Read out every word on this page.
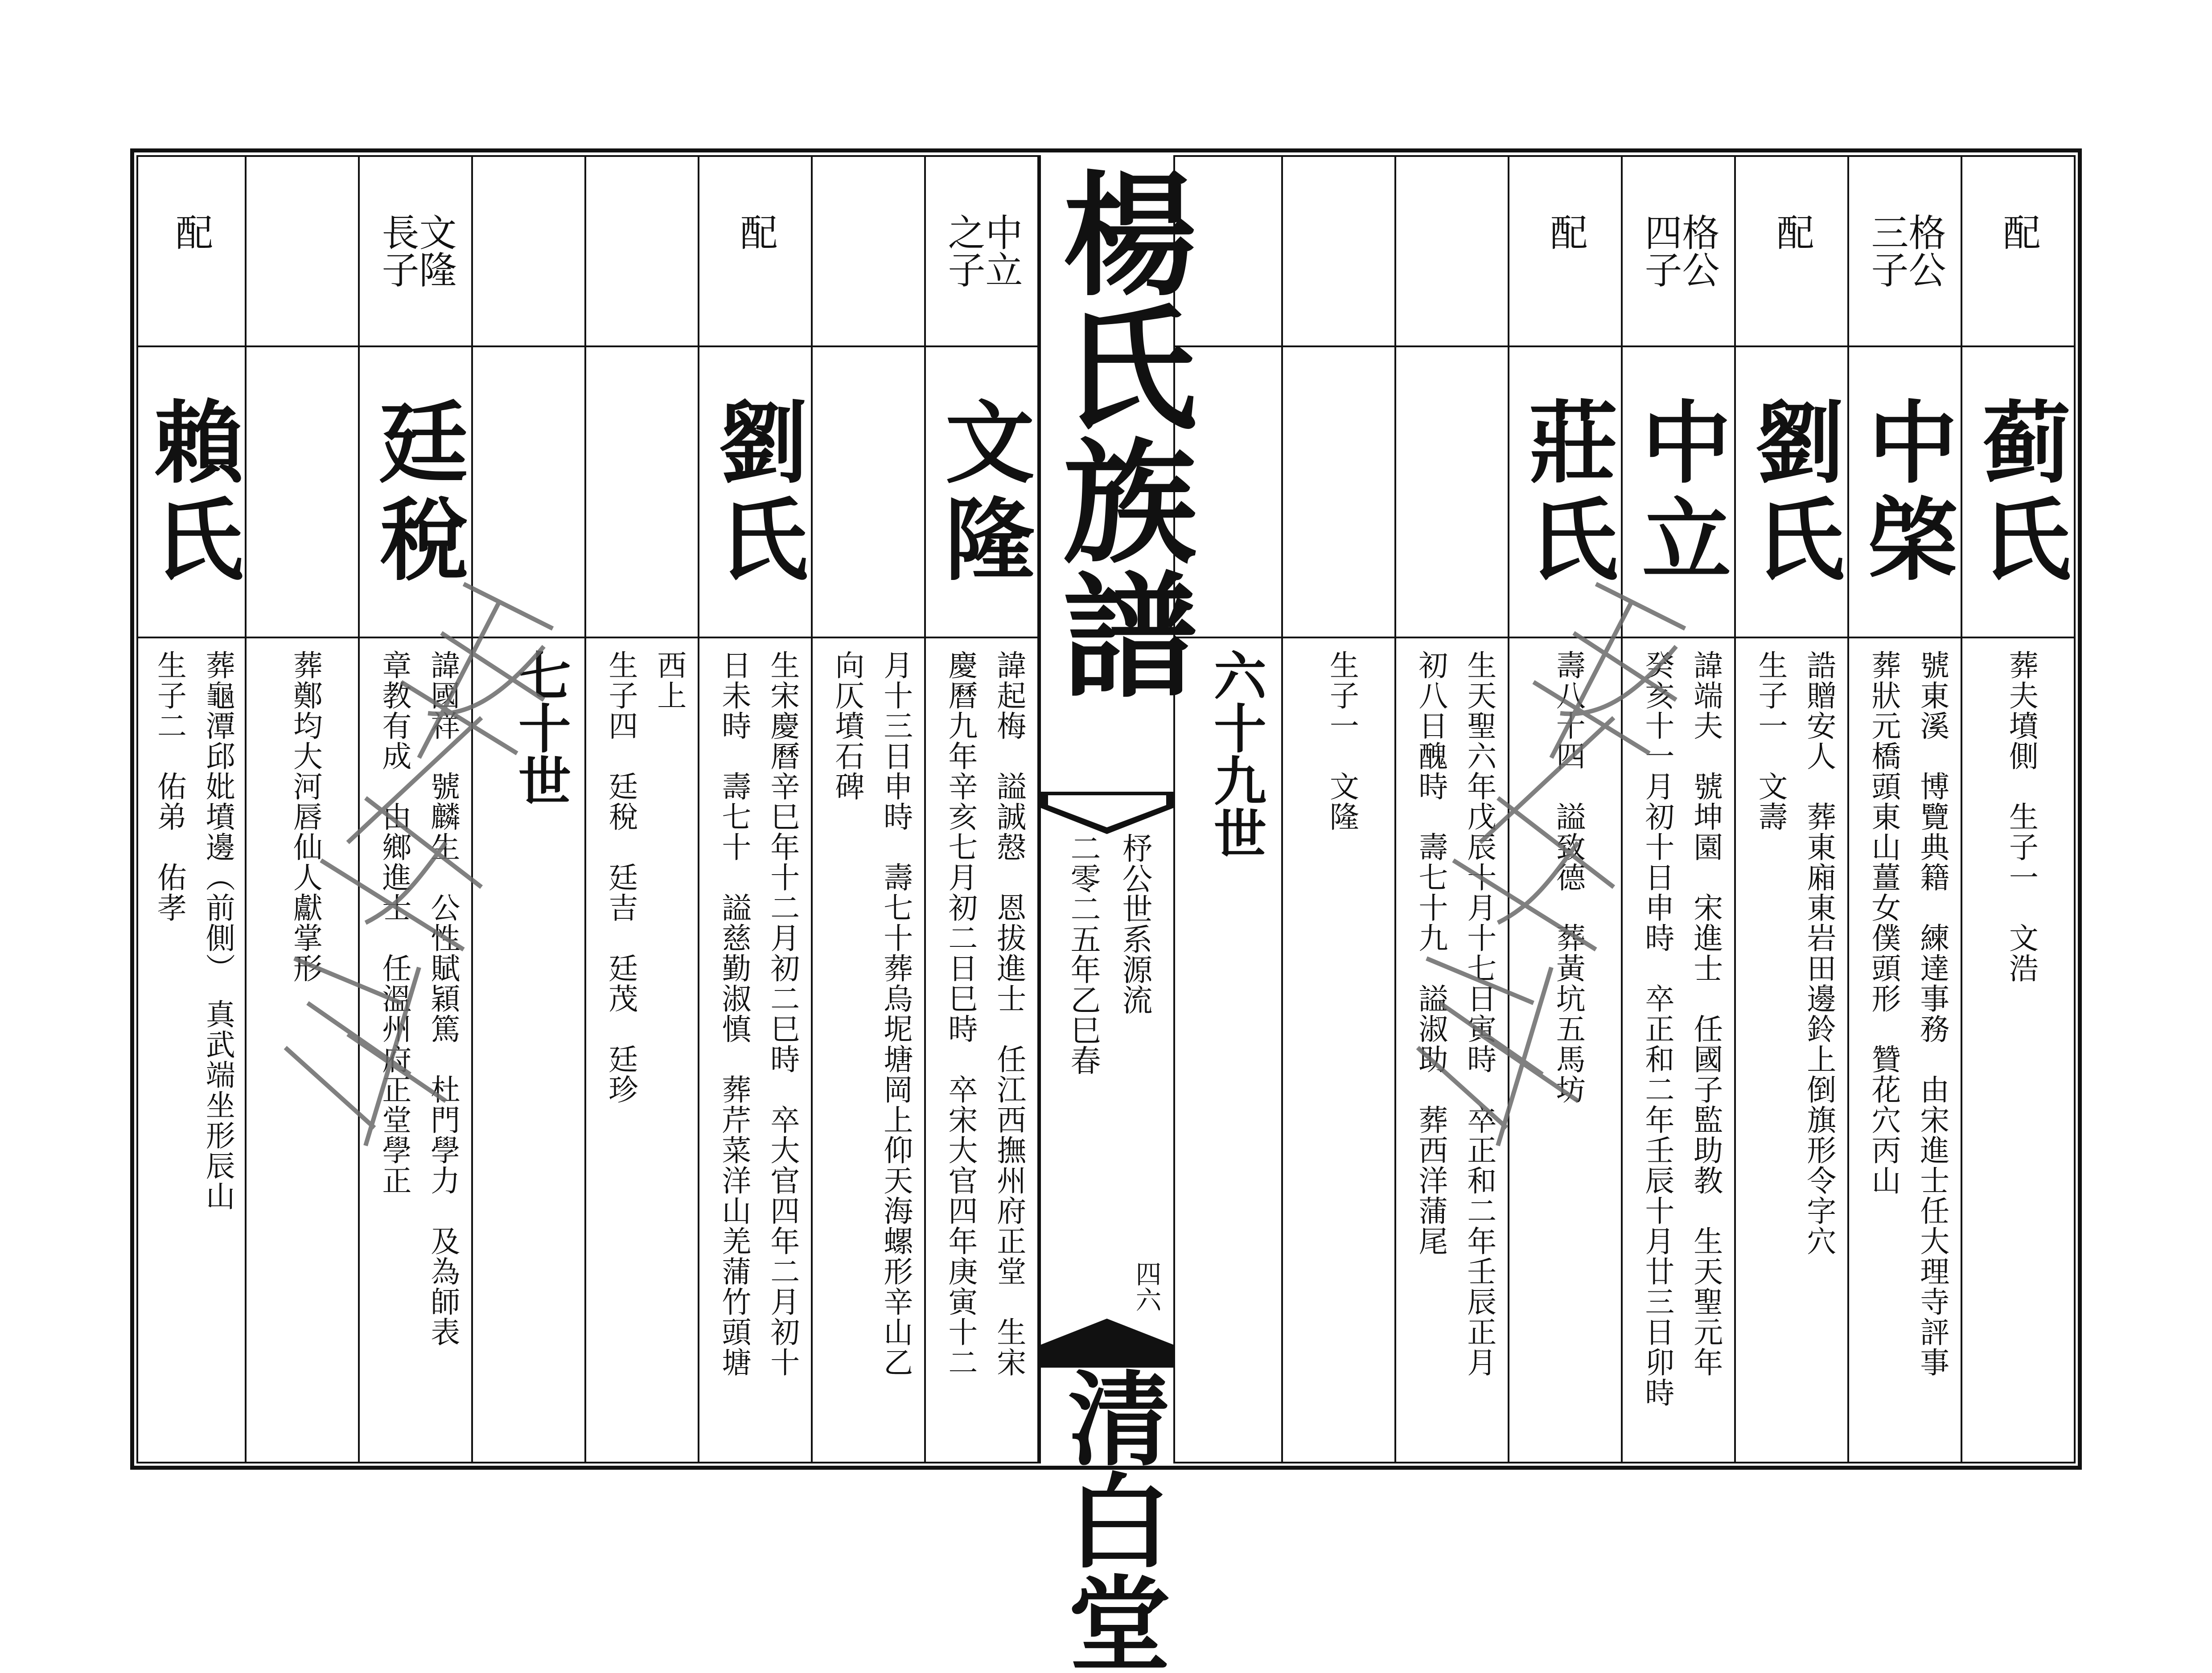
配
蓟氏
葬夫墳側　生子一　文浩
格公
三子
中棨
號東溪　博覽典籍　練達事務　由宋進士任大理寺評事
葬狀元橋頭東山薑女僕頭形　贊花穴丙山
配
劉氏
誥贈安人　葬東廂東岩田邊鈴上倒旗形令字穴
生子一　文壽
格公
四子
中立
諱端夫　號坤園　宋進士　任國子監助教　生天聖元年
癸亥十一月初十日申時　卒正和二年壬辰十月廿三日卯時
配
莊氏
壽八十四　謚致德　葬黃坑五馬坊
生天聖六年戊辰十月十七日寅時　卒正和二年壬辰正月
初八日醜時　壽七十九　謚淑助　葬西洋蒲尾
生子一　文隆
中立
之子
文隆
諱起梅　謚誠慤　恩拔進士　任江西撫州府正堂　生宋
慶曆九年辛亥七月初二日巳時　卒宋大官四年庚寅十二
月十三日申時　壽七十葬烏坭塘岡上仰天海螺形辛山乙
向仄墳石碑
配
劉氏
生宋慶曆辛巳年十二月初二巳時　卒大官四年二月初十
日未時　壽七十　謚慈勤淑慎　葬芹菜洋山羌蒲竹頭塘
西上
生子四　廷稅　廷吉　廷茂　廷珍
文隆
長子
廷稅
諱國祥　號麟生　公性賦穎篤　杜門學力　及為師表
章教有成　由鄉進士　任溫州府正堂學正
葬鄭均大河唇仙人獻掌形
配
賴氏
葬龜潭邱妣墳邊（前側）　真武端坐形辰山
生子二　佑弟　佑孝
楊氏族譜
杼公世系源流
二零二五年乙巳春
四六
清白堂
六十九世
七十世
